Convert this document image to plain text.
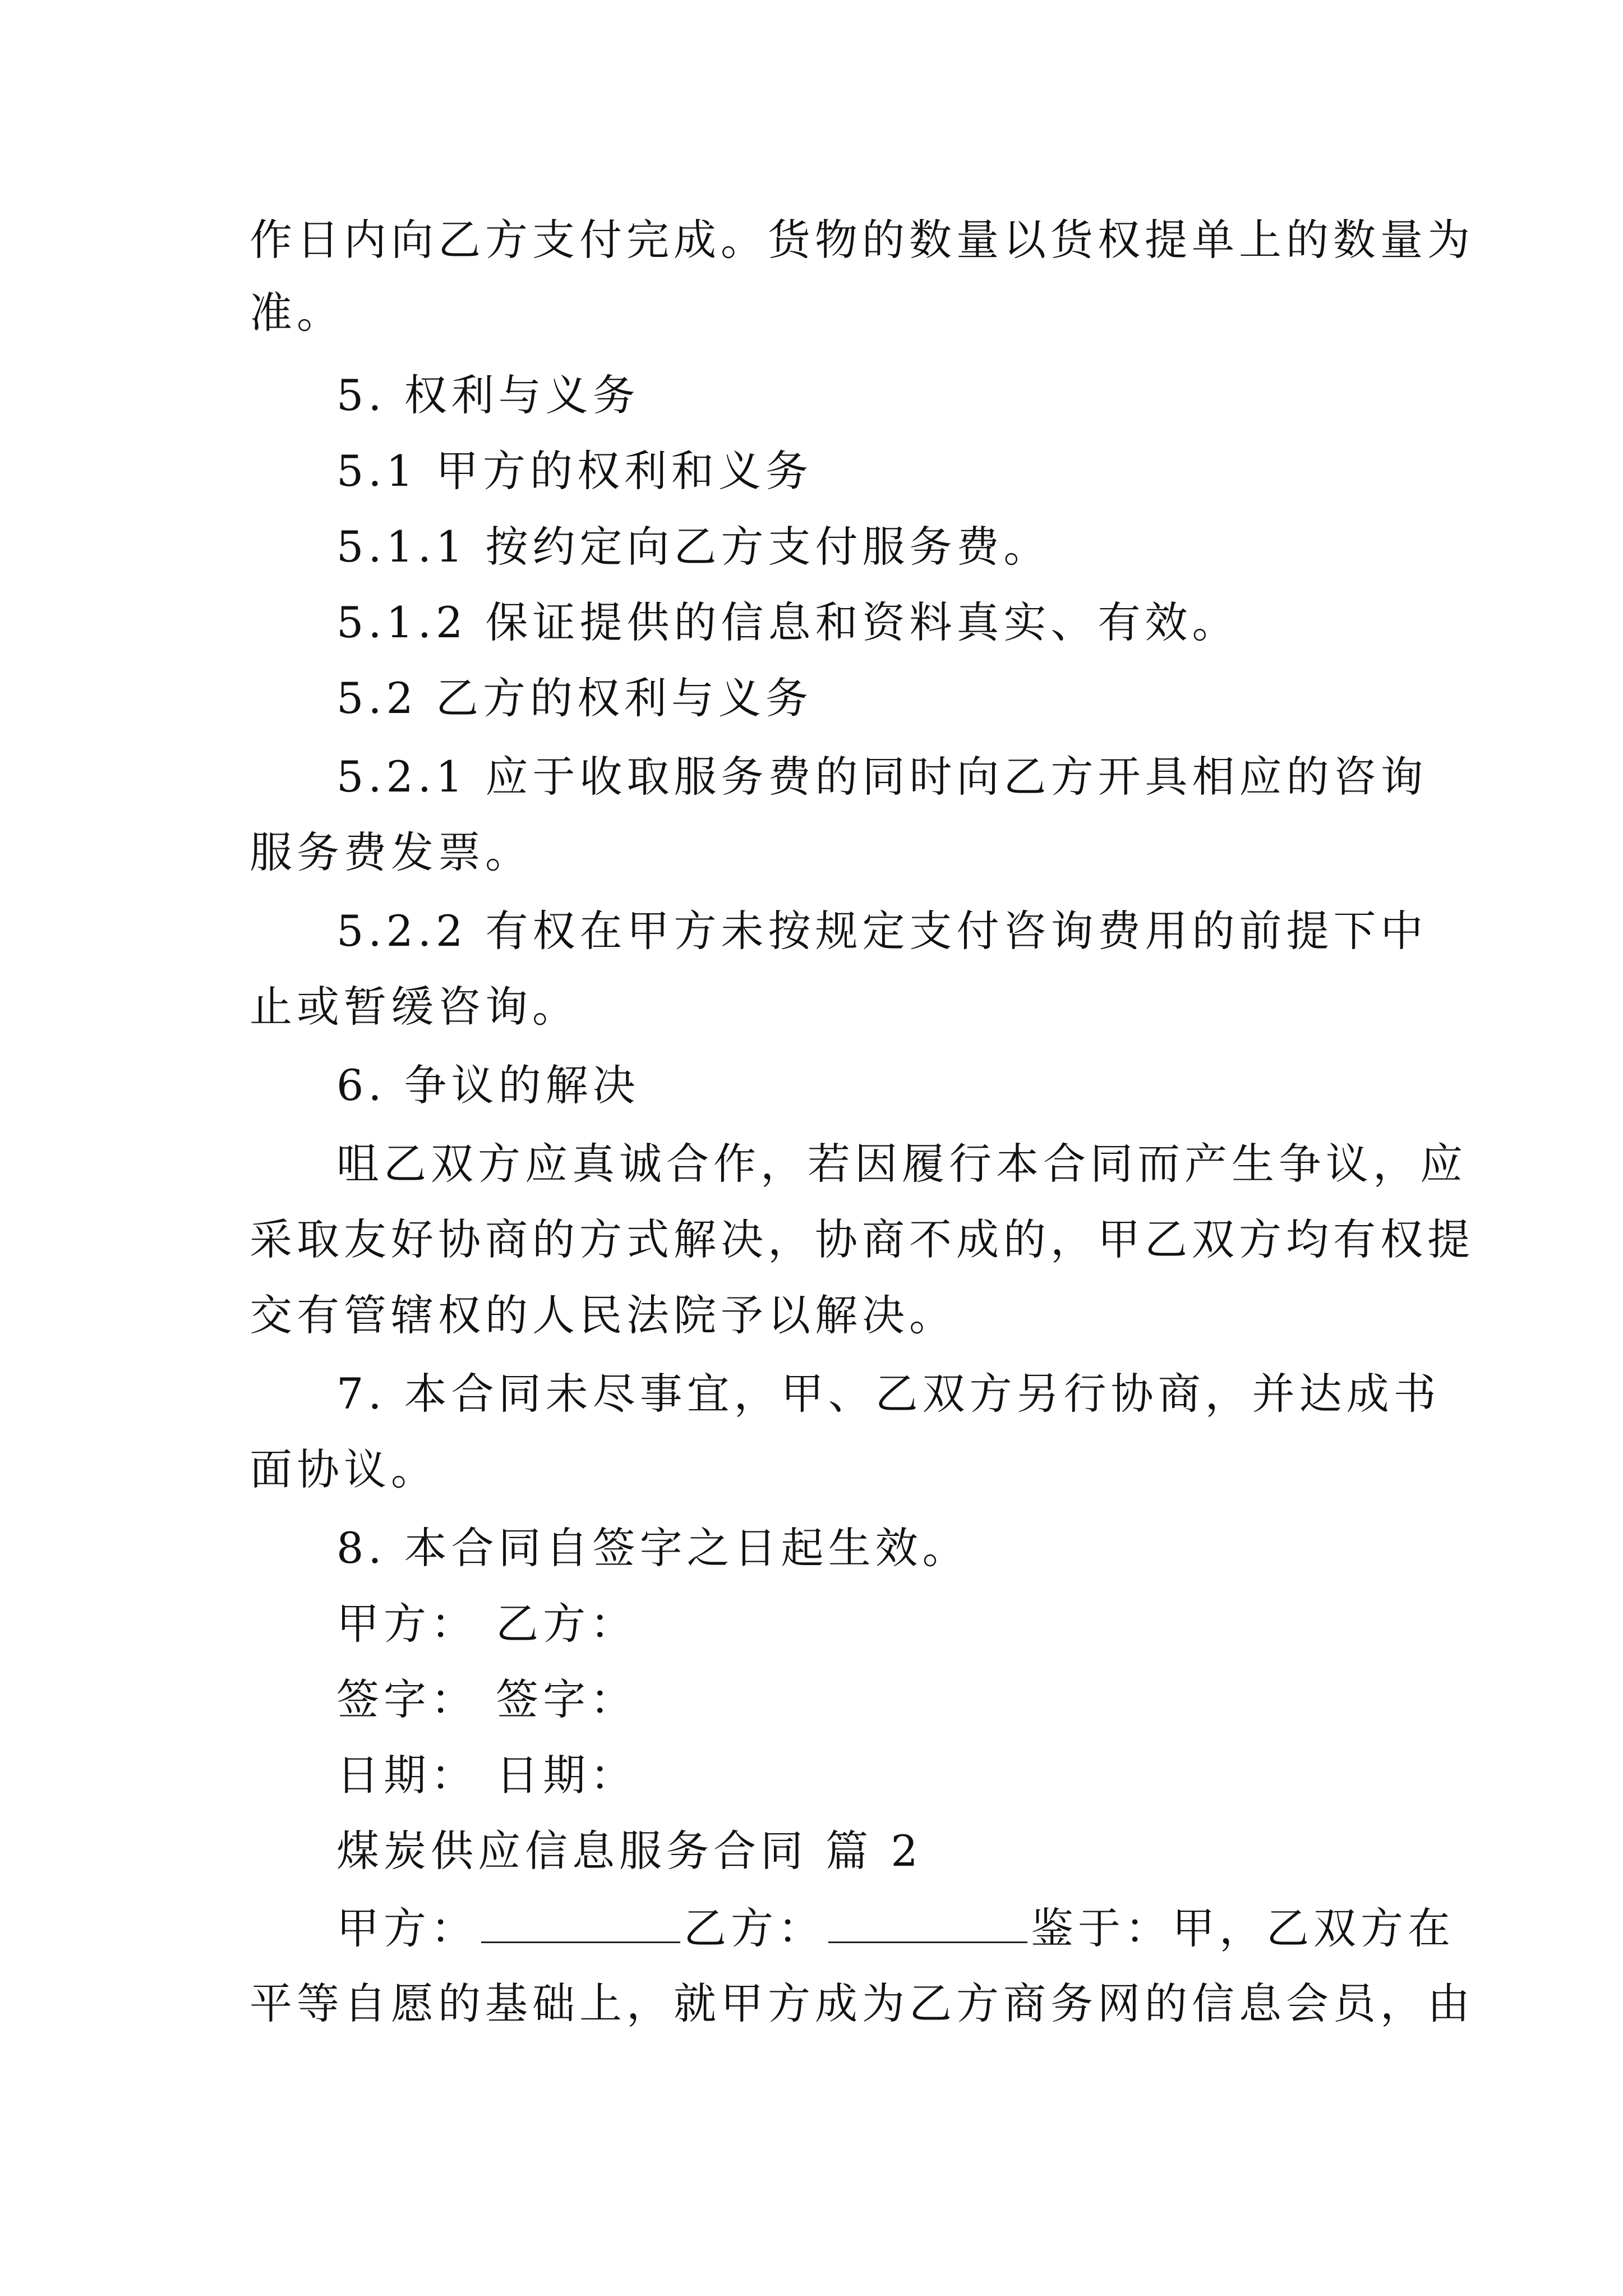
作日内向乙方支付完成。货物的数量以货权提单上的数量为
准。
5. 权利与义务
5.1 甲方的权利和义务
5.1.1 按约定向乙方支付服务费。
5.1.2 保证提供的信息和资料真实、有效。
5.2 乙方的权利与义务
5.2.1 应于收取服务费的同时向乙方开具相应的咨询
服务费发票。
5.2.2 有权在甲方未按规定支付咨询费用的前提下中
止或暂缓咨询。
6. 争议的解决
咀乙双方应真诚合作，若因履行本合同而产生争议，应
采取友好协商的方式解决，协商不成的，甲乙双方均有权提
交有管辖权的人民法院予以解决。
7. 本合同未尽事宜，甲、乙双方另行协商，并达成书
面协议。
8. 本合同自签字之日起生效。
甲方： 乙方：
签字： 签字：
日期： 日期：
煤炭供应信息服务合同 篇 2
甲方：	乙方：	鉴于：甲，乙双方在
平等自愿的基础上，就甲方成为乙方商务网的信息会员，由
